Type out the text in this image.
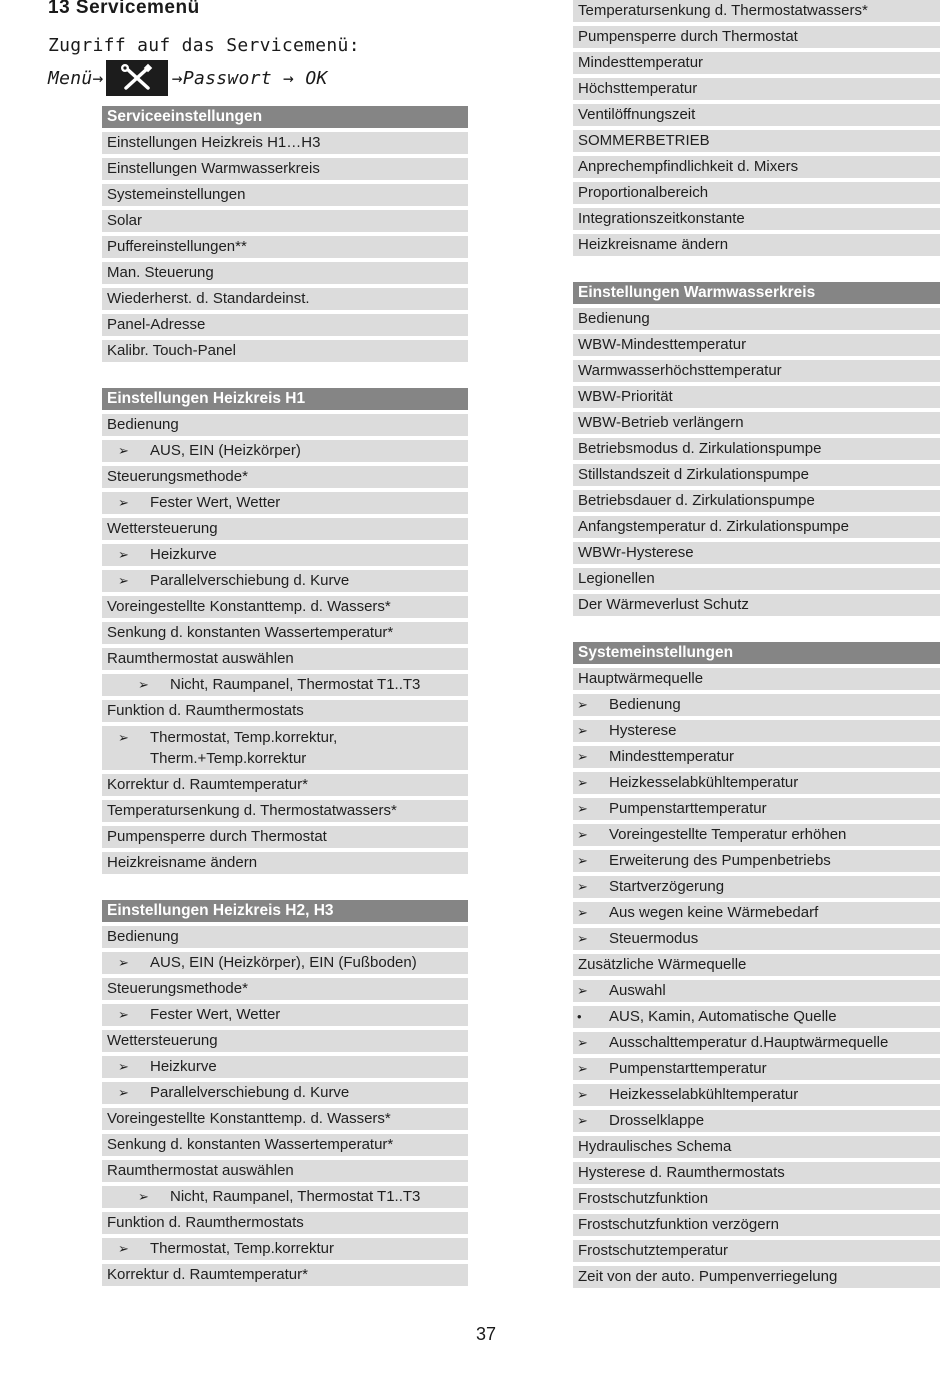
13 Servicemenü
Zugriff auf das Servicemenü:
Menü→	→Passwort → OK
Serviceeinstellungen
Einstellungen Heizkreis H1…H3
Einstellungen Warmwasserkreis
Systemeinstellungen
Solar
Puffereinstellungen**
Man. Steuerung
Wiederherst. d. Standardeinst.
Panel-Adresse
Kalibr. Touch-Panel
Einstellungen Heizkreis H1
Bedienung
➢ AUS, EIN (Heizkörper)
Steuerungsmethode*
➢ Fester Wert, Wetter
Wettersteuerung
➢ Heizkurve
➢ Parallelverschiebung d. Kurve
Voreingestellte Konstanttemp. d. Wassers*
Senkung d. konstanten Wassertemperatur*
Raumthermostat auswählen
➢ Nicht, Raumpanel, Thermostat T1..T3
Funktion d. Raumthermostats
➢ Thermostat, Temp.korrektur,
Therm.+Temp.korrektur
Korrektur d. Raumtemperatur*
Temperatursenkung d. Thermostatwassers*
Pumpensperre durch Thermostat
Heizkreisname ändern
Einstellungen Heizkreis H2, H3
Bedienung
➢ AUS, EIN (Heizkörper), EIN (Fußboden)
Steuerungsmethode*
➢ Fester Wert, Wetter
Wettersteuerung
➢ Heizkurve
➢ Parallelverschiebung d. Kurve
Voreingestellte Konstanttemp. d. Wassers*
Senkung d. konstanten Wassertemperatur*
Raumthermostat auswählen
➢ Nicht, Raumpanel, Thermostat T1..T3
Funktion d. Raumthermostats
➢ Thermostat, Temp.korrektur
Korrektur d. Raumtemperatur*
Temperatursenkung d. Thermostatwassers*
Pumpensperre durch Thermostat
Mindesttemperatur
Höchsttemperatur
Ventilöffnungszeit
SOMMERBETRIEB
Anprechempfindlichkeit d. Mixers
Proportionalbereich
Integrationszeitkonstante
Heizkreisname ändern
Einstellungen Warmwasserkreis
Bedienung
WBW-Mindesttemperatur
Warmwasserhöchsttemperatur
WBW-Priorität
WBW-Betrieb verlängern
Betriebsmodus d. Zirkulationspumpe
Stillstandszeit d Zirkulationspumpe
Betriebsdauer d. Zirkulationspumpe
Anfangstemperatur d. Zirkulationspumpe
WBWr-Hysterese
Legionellen
Der Wärmeverlust Schutz
Systemeinstellungen
Hauptwärmequelle
➢ Bedienung
➢ Hysterese
➢ Mindesttemperatur
➢ Heizkesselabkühltemperatur
➢ Pumpenstarttemperatur
➢ Voreingestellte Temperatur erhöhen
➢ Erweiterung des Pumpenbetriebs
➢ Startverzögerung
➢ Aus wegen keine Wärmebedarf
➢ Steuermodus
Zusätzliche Wärmequelle
➢ Auswahl
• AUS, Kamin, Automatische Quelle
➢ Ausschalttemperatur d.Hauptwärmequelle
➢ Pumpenstarttemperatur
➢ Heizkesselabkühltemperatur
➢ Drosselklappe
Hydraulisches Schema
Hysterese d. Raumthermostats
Frostschutzfunktion
Frostschutzfunktion verzögern
Frostschutztemperatur
Zeit von der auto. Pumpenverriegelung
37
